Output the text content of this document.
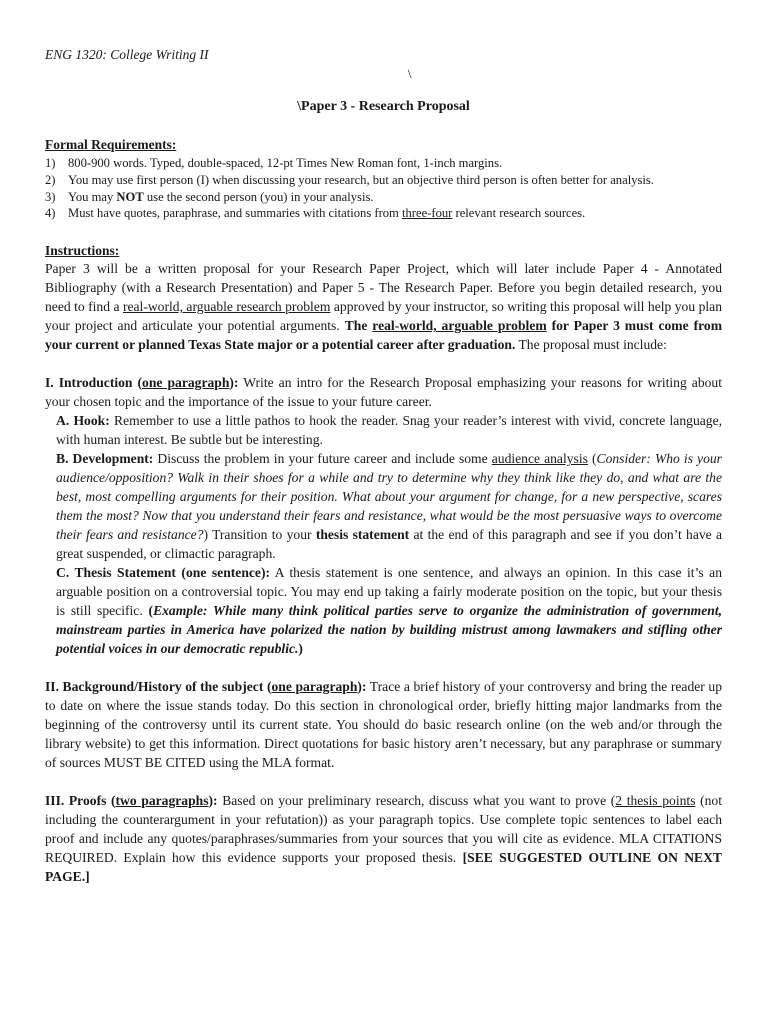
ENG 1320: College Writing II

\

\Paper 3 - Research Proposal

Formal Requirements:

1) 800-900 words. Typed, double-spaced, 12-pt Times New Roman font, 1-inch margins.
2) You may use first person (I) when discussing your research, but an objective third person is often better for analysis.
3) You may NOT use the second person (you) in your analysis.
4) Must have quotes, paraphrase, and summaries with citations from three-four relevant research sources.

Instructions:

Paper 3 will be a written proposal for your Research Paper Project, which will later include Paper 4 - Annotated Bibliography (with a Research Presentation) and Paper 5 - The Research Paper. Before you begin detailed research, you need to find a real-world, arguable research problem approved by your instructor, so writing this proposal will help you plan your project and articulate your potential arguments. The real-world, arguable problem for Paper 3 must come from your current or planned Texas State major or a potential career after graduation. The proposal must include:

I. Introduction (one paragraph): Write an intro for the Research Proposal emphasizing your reasons for writing about your chosen topic and the importance of the issue to your future career.

A. Hook: Remember to use a little pathos to hook the reader. Snag your reader’s interest with vivid, concrete language, with human interest. Be subtle but be interesting.

B. Development: Discuss the problem in your future career and include some audience analysis (Consider: Who is your audience/opposition? Walk in their shoes for a while and try to determine why they think like they do, and what are the best, most compelling arguments for their position. What about your argument for change, for a new perspective, scares them the most? Now that you understand their fears and resistance, what would be the most persuasive ways to overcome their fears and resistance?) Transition to your thesis statement at the end of this paragraph and see if you don’t have a great suspended, or climactic paragraph.

C. Thesis Statement (one sentence): A thesis statement is one sentence, and always an opinion. In this case it’s an arguable position on a controversial topic. You may end up taking a fairly moderate position on the topic, but your thesis is still specific. (Example: While many think political parties serve to organize the administration of government, mainstream parties in America have polarized the nation by building mistrust among lawmakers and stifling other potential voices in our democratic republic.)

II. Background/History of the subject (one paragraph): Trace a brief history of your controversy and bring the reader up to date on where the issue stands today. Do this section in chronological order, briefly hitting major landmarks from the beginning of the controversy until its current state. You should do basic research online (on the web and/or through the library website) to get this information. Direct quotations for basic history aren’t necessary, but any paraphrase or summary of sources MUST BE CITED using the MLA format.

III. Proofs (two paragraphs): Based on your preliminary research, discuss what you want to prove (2 thesis points (not including the counterargument in your refutation)) as your paragraph topics. Use complete topic sentences to label each proof and include any quotes/paraphrases/summaries from your sources that you will cite as evidence. MLA CITATIONS REQUIRED. Explain how this evidence supports your proposed thesis. [SEE SUGGESTED OUTLINE ON NEXT PAGE.]
